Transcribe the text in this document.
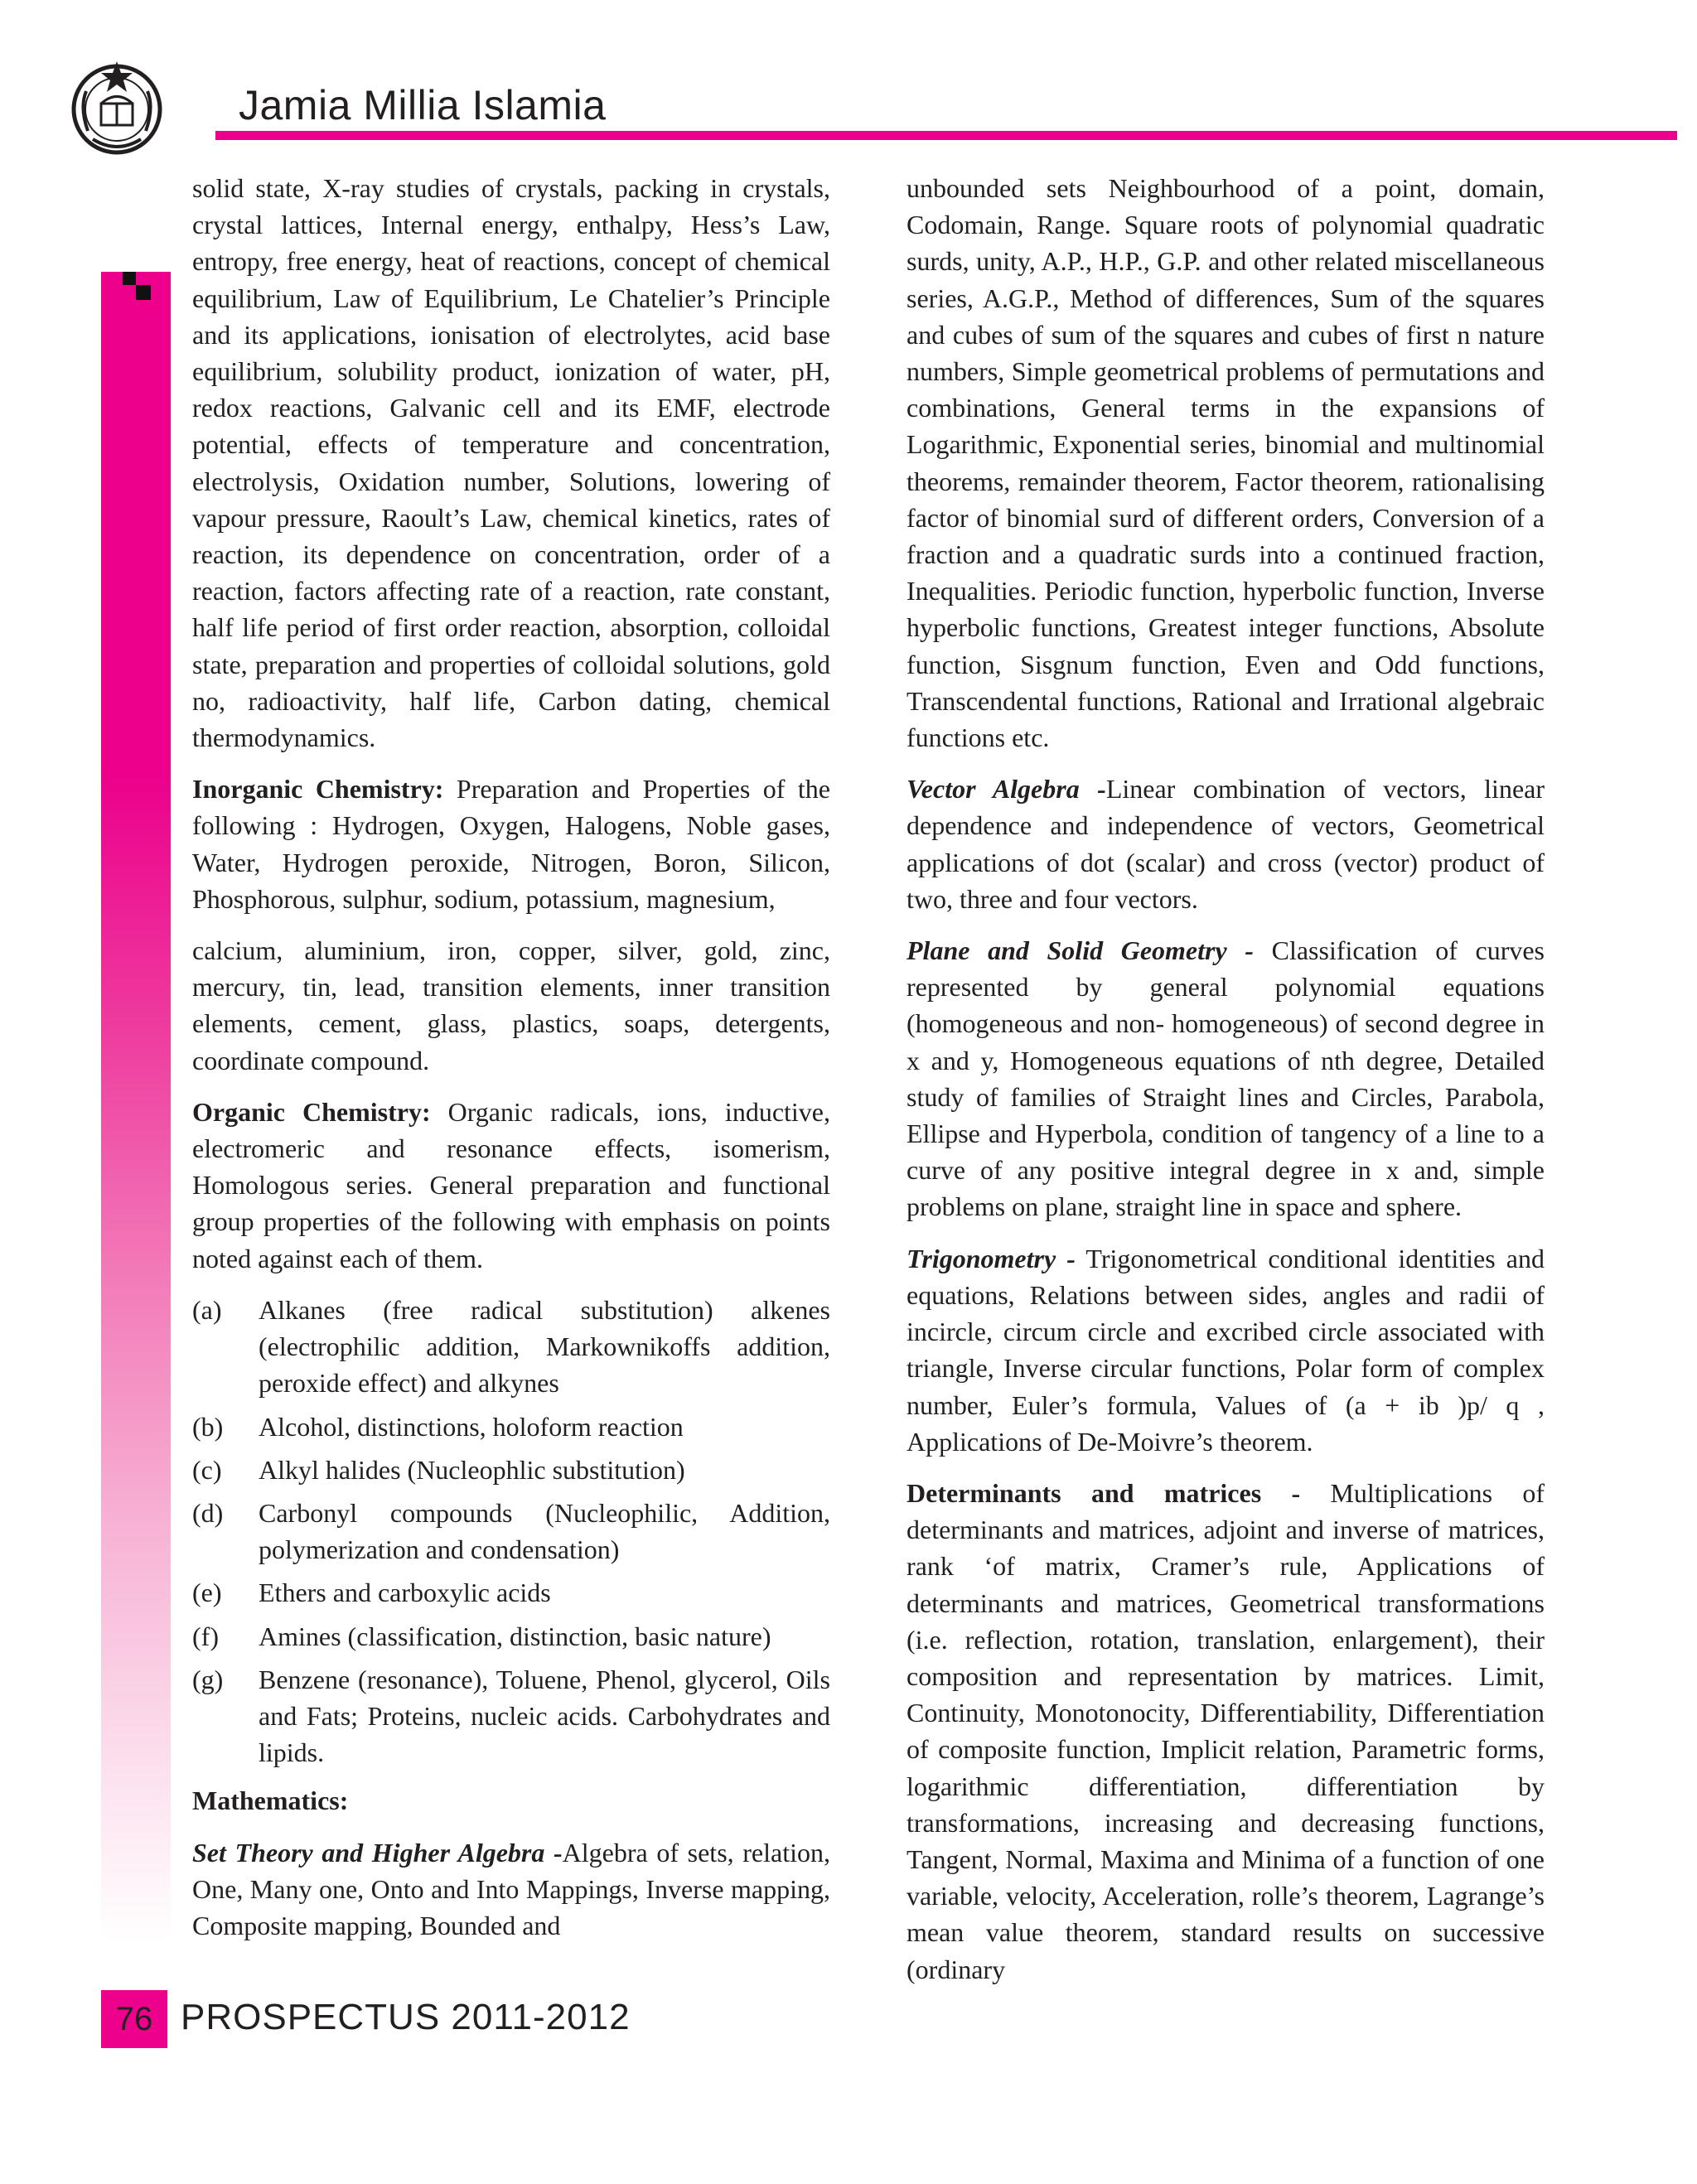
Jamia Millia Islamia

solid state, X-ray studies of crystals, packing in crystals, crystal lattices, Internal energy, enthalpy, Hess’s Law, entropy, free energy, heat of reactions, concept of chemical equilibrium, Law of Equilibrium, Le Chatelier’s Principle and its applications, ionisation of electrolytes, acid base equilibrium, solubility product, ionization of water, pH, redox reactions, Galvanic cell and its EMF, electrode potential, effects of temperature and concentration, electrolysis, Oxidation number, Solutions, lowering of vapour pressure, Raoult’s Law, chemical kinetics, rates of reaction, its dependence on concentration, order of a reaction, factors affecting rate of a reaction, rate constant, half life period of first order reaction, absorption, colloidal state, preparation and properties of colloidal solutions, gold no, radioactivity, half life, Carbon dating, chemical thermodynamics.

Inorganic Chemistry: Preparation and Properties of the following : Hydrogen, Oxygen, Halogens, Noble gases, Water, Hydrogen peroxide, Nitrogen, Boron, Silicon, Phosphorous, sulphur, sodium, potassium, magnesium,

calcium, aluminium, iron, copper, silver, gold, zinc, mercury, tin, lead, transition elements, inner transition elements, cement, glass, plastics, soaps, detergents, coordinate compound.

Organic Chemistry: Organic radicals, ions, inductive, electromeric and resonance effects, isomerism, Homologous series. General preparation and functional group properties of the following with emphasis on points noted against each of them.

(a)	Alkanes (free radical substitution) alkenes (electrophilic addition, Markownikoffs addition, peroxide effect) and alkynes
(b)	Alcohol, distinctions, holoform reaction
(c)	Alkyl halides (Nucleophlic substitution)
(d)	Carbonyl compounds (Nucleophilic, Addition, polymerization and condensation)
(e)	Ethers and carboxylic acids
(f)	Amines (classification, distinction, basic nature)
(g)	Benzene (resonance), Toluene, Phenol, glycerol, Oils and Fats; Proteins, nucleic acids. Carbohydrates and lipids.

Mathematics:

Set Theory and Higher Algebra -Algebra of sets, relation, One, Many one, Onto and Into Mappings, Inverse mapping, Composite mapping, Bounded and

unbounded sets Neighbourhood of a point, domain, Codomain, Range. Square roots of polynomial quadratic surds, unity, A.P., H.P., G.P. and other related miscellaneous series, A.G.P., Method of differences, Sum of the squares and cubes of sum of the squares and cubes of first n nature numbers, Simple geometrical problems of permutations and combinations, General terms in the expansions of Logarithmic, Exponential series, binomial and multinomial theorems, remainder theorem, Factor theorem, rationalising factor of binomial surd of different orders, Conversion of a fraction and a quadratic surds into a continued fraction, Inequalities. Periodic function, hyperbolic function, Inverse hyperbolic functions, Greatest integer functions, Absolute function, Sisgnum function, Even and Odd functions, Transcendental functions, Rational and Irrational algebraic functions etc.

Vector Algebra -Linear combination of vectors, linear dependence and independence of vectors, Geometrical applications of dot (scalar) and cross (vector) product of two, three and four vectors.

Plane and Solid Geometry - Classification of curves represented by general polynomial equations (homogeneous and non- homogeneous) of second degree in x and y, Homogeneous equations of nth degree, Detailed study of families of Straight lines and Circles, Parabola, Ellipse and Hyperbola, condition of tangency of a line to a curve of any positive integral degree in x and, simple problems on plane, straight line in space and sphere.

Trigonometry - Trigonometrical conditional identities and equations, Relations between sides, angles and radii of incircle, circum circle and excribed circle associated with triangle, Inverse circular functions, Polar form of complex number, Euler’s formula, Values of (a + ib )p/ q , Applications of De-Moivre’s theorem.

Determinants and matrices - Multiplications of determinants and matrices, adjoint and inverse of matrices, rank ‘of matrix, Cramer’s rule, Applications of determinants and matrices, Geometrical transformations (i.e. reflection, rotation, translation, enlargement), their composition and representation by matrices. Limit, Continuity, Monotonocity, Differentiability, Differentiation of composite function, Implicit relation, Parametric forms, logarithmic differentiation, differentiation by transformations, increasing and decreasing functions, Tangent, Normal, Maxima and Minima of a function of one variable, velocity, Acceleration, rolle’s theorem, Lagrange’s mean value theorem, standard results on successive (ordinary

76 PROSPECTUS 2011-2012
